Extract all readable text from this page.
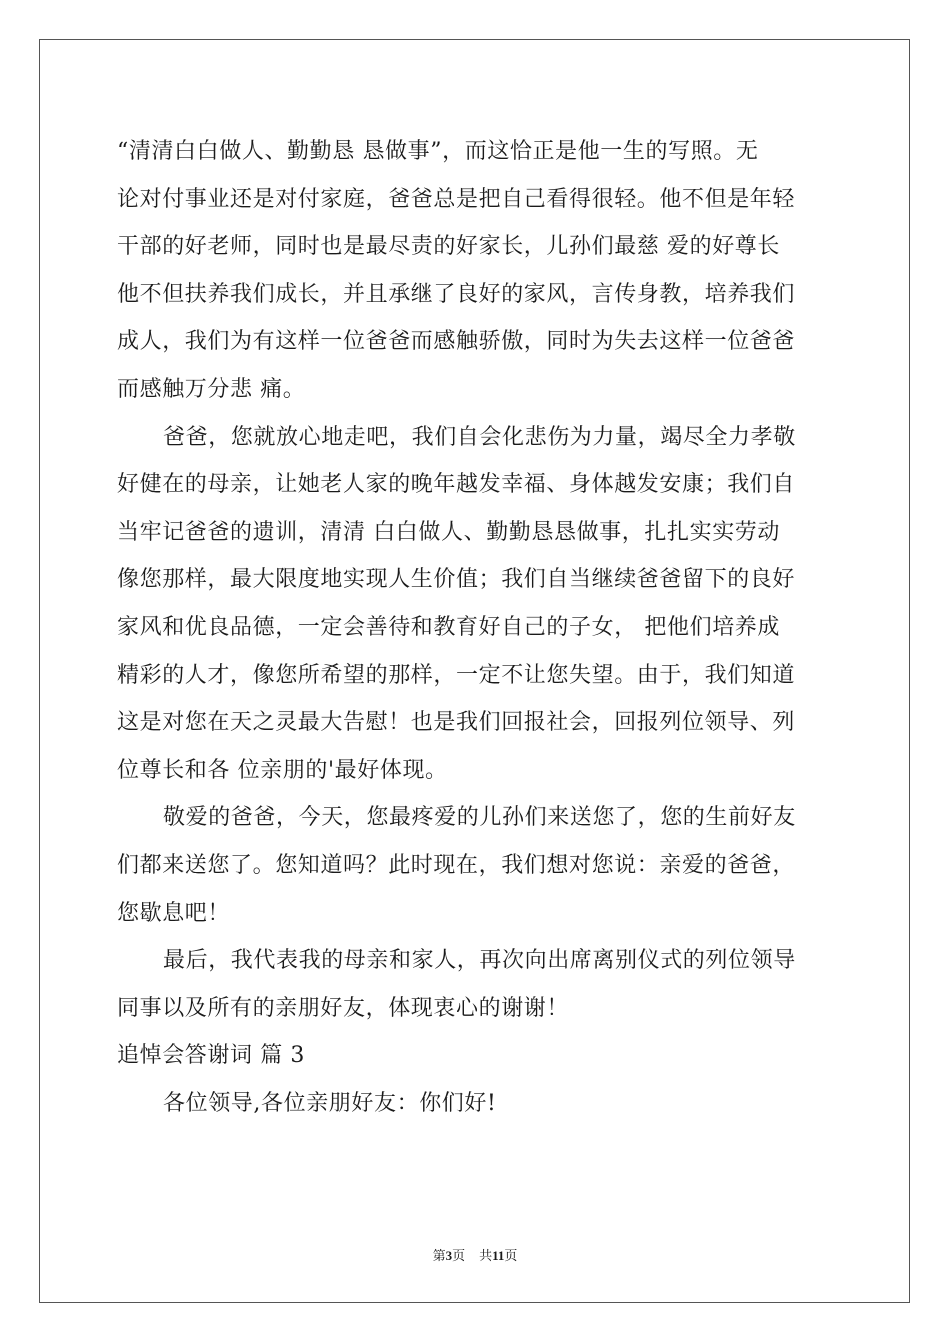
“清清白白做人、勤勤恳 恳做事”，而这恰正是他一生的写照。无
论对付事业还是对付家庭，爸爸总是把自己看得很轻。他不但是年轻
干部的好老师，同时也是最尽责的好家长，儿孙们最慈 爱的好尊长
他不但扶养我们成长，并且承继了良好的家风，言传身教，培养我们
成人，我们为有这样一位爸爸而感触骄傲，同时为失去这样一位爸爸
而感触万分悲 痛。

爸爸，您就放心地走吧，我们自会化悲伤为力量，竭尽全力孝敬
好健在的母亲，让她老人家的晚年越发幸福、身体越发安康；我们自
当牢记爸爸的遗训，清清 白白做人、勤勤恳恳做事，扎扎实实劳动
像您那样，最大限度地实现人生价值；我们自当继续爸爸留下的良好
家风和优良品德，一定会善待和教育好自己的子女， 把他们培养成
精彩的人才，像您所希望的那样，一定不让您失望。由于，我们知道
这是对您在天之灵最大告慰！也是我们回报社会，回报列位领导、列
位尊长和各 位亲朋的'最好体现。

敬爱的爸爸，今天，您最疼爱的儿孙们来送您了，您的生前好友
们都来送您了。您知道吗？此时现在，我们想对您说：亲爱的爸爸，
您歇息吧！

最后，我代表我的母亲和家人，再次向出席离别仪式的列位领导
同事以及所有的亲朋好友，体现衷心的谢谢！

追悼会答谢词 篇 3

各位领导,各位亲朋好友：你们好!

第3页 共11页
